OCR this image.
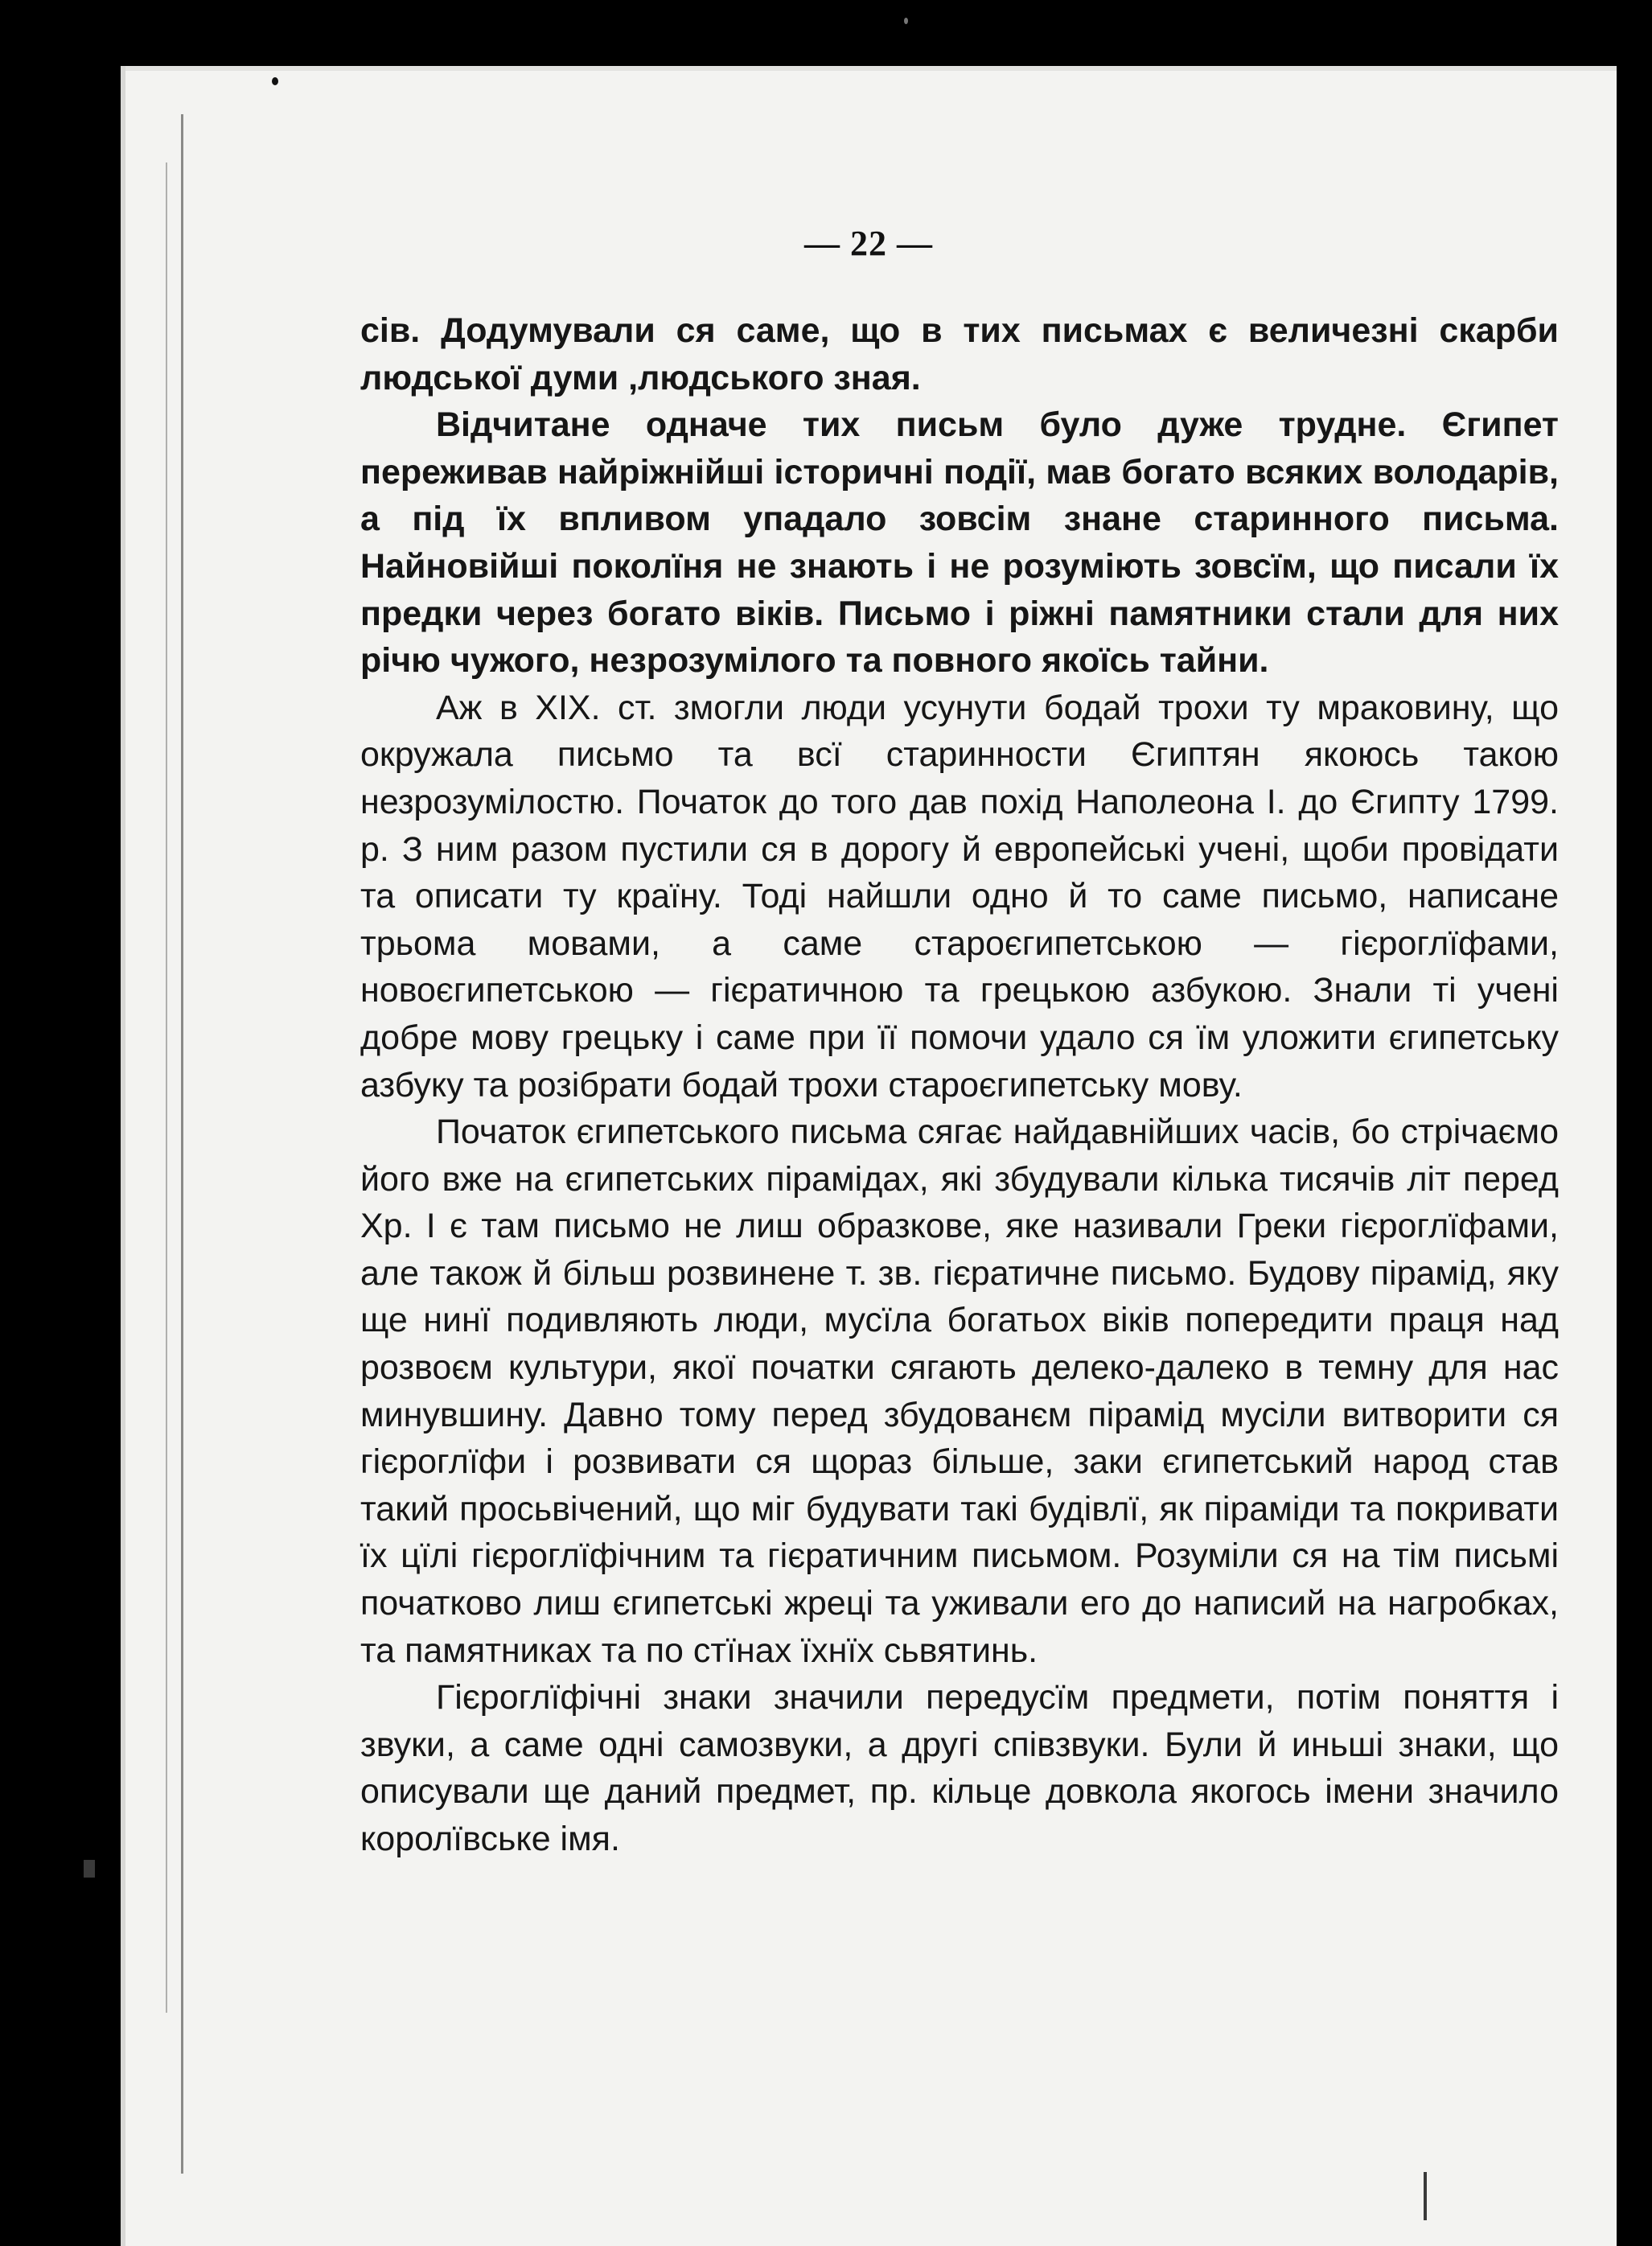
— 22 —

сів. Додумували ся саме, що в тих письмах є величезні скарби людської думи ,людського зная.

Відчитане одначе тих письм було дуже трудне. Єгипет переживав найріжнійші історичні події, мав богато всяких володарів, а під їх впливом упадало зовсім знане старинного письма. Найновійші поколїня не знають і не розуміють зовсїм, що писали їх предки через богато віків. Письмо і ріжні памятники стали для них річю чужого, незрозумілого та повного якоїсь тайни.

Аж в ХІХ. ст. змогли люди усунути бодай трохи ту мраковину, що окружала письмо та всї старинности Єгиптян якоюсь такою незрозумілостю. Початок до того дав похід Наполеона І. до Єгипту 1799. р. З ним разом пустили ся в дорогу й европейські учені, щоби провідати та описати ту країну. Тоді найшли одно й то саме письмо, написане трьома мовами, а саме староєгипетською — гієроглїфами, новоєгипетською — гієратичною та грецькою азбукою. Знали ті учені добре мову грецьку і саме при її помочи удало ся їм уложити єгипетську азбуку та розібрати бодай трохи староєгипетську мову.

Початок єгипетського письма сягає найдавнійших часів, бо стрічаємо його вже на єгипетських пірамідах, які збудували кілька тисячів літ перед Хр. І є там письмо не лиш образкове, яке називали Греки гієроглїфами, але також й більш розвинене т. зв. гієратичне письмо. Будову пірамід, яку ще нинї подивляють люди, мусїла богатьох віків попередити праця над розвоєм культури, якої початки сягають делеко-далеко в темну для нас минувшину. Давно тому перед збудованєм пірамід мусіли витворити ся гієроглїфи і розвивати ся щораз більше, заки єгипетський народ став такий просьвічений, що міг будувати такі будівлї, як піраміди та покривати їх цїлі гієроглїфічним та гієратичним письмом. Розуміли ся на тім письмі початково лиш єгипетські жреці та уживали его до написий на нагробках, та памятниках та по стїнах їхнїх сьвятинь.

Гієроглїфічні знаки значили передусїм предмети, потім поняття і звуки, а саме одні самозвуки, а другі співзвуки. Були й иньші знаки, що описували ще даний предмет, пр. кільце довкола якогось імени значило королївське імя.
